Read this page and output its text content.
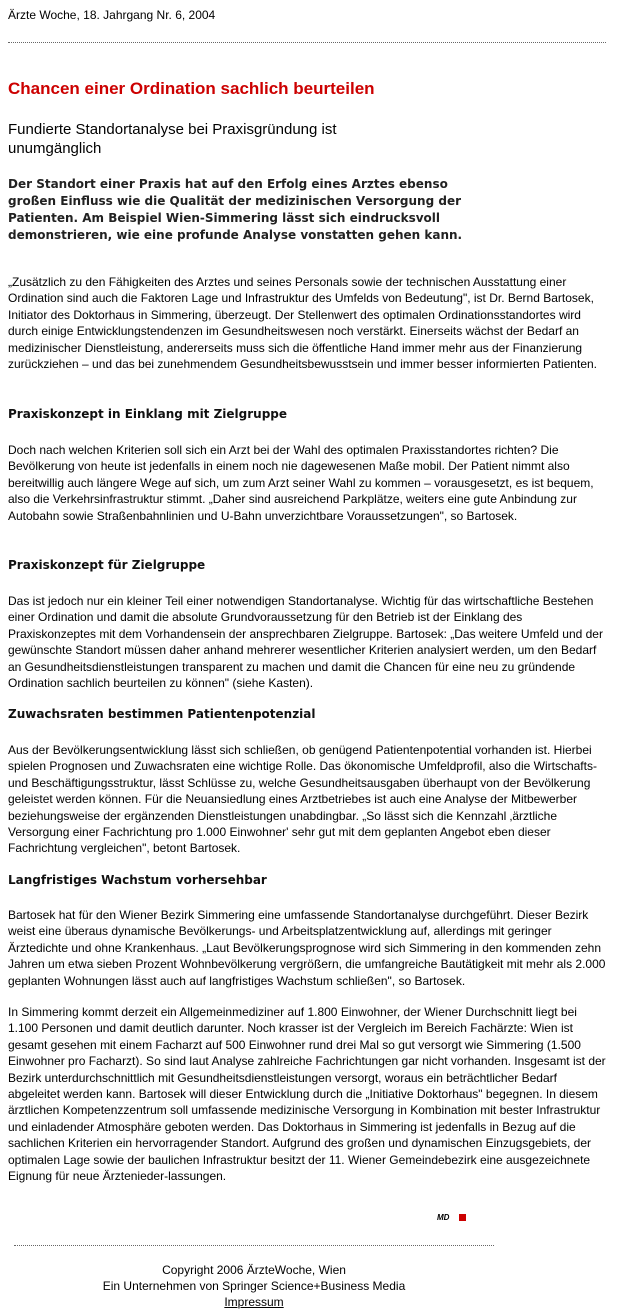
Ärzte Woche, 18. Jahrgang Nr. 6, 2004
Chancen einer Ordination sachlich beurteilen
Fundierte Standortanalyse bei Praxisgründung ist unumgänglich

Der Standort einer Praxis hat auf den Erfolg eines Arztes ebenso großen Einfluss wie die Qualität der medizinischen Versorgung der Patienten. Am Beispiel Wien-Simmering lässt sich eindrucksvoll demonstrieren, wie eine profunde Analyse vonstatten gehen kann.

„Zusätzlich zu den Fähigkeiten des Arztes und seines Personals sowie der technischen Ausstattung einer Ordination sind auch die Faktoren Lage und Infrastruktur des Umfelds von Bedeutung", ist Dr. Bernd Bartosek, Initiator des Doktorhaus in Simmering, überzeugt. Der Stellenwert des optimalen Ordinationsstandortes wird durch einige Entwicklungstendenzen im Gesundheitswesen noch verstärkt. Einerseits wächst der Bedarf an medizinischer Dienstleistung, andererseits muss sich die öffentliche Hand immer mehr aus der Finanzierung zurückziehen – und das bei zunehmendem Gesundheitsbewusstsein und immer besser informierten Patienten.

Praxiskonzept in Einklang mit Zielgruppe

Doch nach welchen Kriterien soll sich ein Arzt bei der Wahl des optimalen Praxisstandortes richten? Die Bevölkerung von heute ist jedenfalls in einem noch nie dagewesenen Maße mobil. Der Patient nimmt also bereitwillig auch längere Wege auf sich, um zum Arzt seiner Wahl zu kommen – vorausgesetzt, es ist bequem, also die Verkehrsinfrastruktur stimmt. „Daher sind ausreichend Parkplätze, weiters eine gute Anbindung zur Autobahn sowie Straßenbahnlinien und U-Bahn unverzichtbare Voraussetzungen", so Bartosek.

Praxiskonzept für Zielgruppe

Das ist jedoch nur ein kleiner Teil einer notwendigen Standortanalyse. Wichtig für das wirtschaftliche Bestehen einer Ordination und damit die absolute Grundvoraussetzung für den Betrieb ist der Einklang des Praxiskonzeptes mit dem Vorhandensein der ansprechbaren Zielgruppe. Bartosek: „Das weitere Umfeld und der gewünschte Standort müssen daher anhand mehrerer wesentlicher Kriterien analysiert werden, um den Bedarf an Gesundheitsdienstleistungen transparent zu machen und damit die Chancen für eine neu zu gründende Ordination sachlich beurteilen zu können" (siehe Kasten).

Zuwachsraten bestimmen Patientenpotenzial

Aus der Bevölkerungsentwicklung lässt sich schließen, ob genügend Patientenpotential vorhanden ist. Hierbei spielen Prognosen und Zuwachsraten eine wichtige Rolle. Das ökonomische Umfeldprofil, also die Wirtschafts- und Beschäftigungsstruktur, lässt Schlüsse zu, welche Gesundheitsausgaben überhaupt von der Bevölkerung geleistet werden können. Für die Neuansiedlung eines Arztbetriebes ist auch eine Analyse der Mitbewerber beziehungsweise der ergänzenden Dienstleistungen unabdingbar. „So lässt sich die Kennzahl ‚ärztliche Versorgung einer Fachrichtung pro 1.000 Einwohner' sehr gut mit dem geplanten Angebot eben dieser Fachrichtung vergleichen", betont Bartosek.

Langfristiges Wachstum vorhersehbar

Bartosek hat für den Wiener Bezirk Simmering eine umfassende Standortanalyse durchgeführt. Dieser Bezirk weist eine überaus dynamische Bevölkerungs- und Arbeitsplatzentwicklung auf, allerdings mit geringer Ärztedichte und ohne Krankenhaus. „Laut Bevölkerungsprognose wird sich Simmering in den kommenden zehn Jahren um etwa sieben Prozent Wohnbevölkerung vergrößern, die umfangreiche Bautätigkeit mit mehr als 2.000 geplanten Wohnungen lässt auch auf langfristiges Wachstum schließen", so Bartosek.

In Simmering kommt derzeit ein Allgemeinmediziner auf 1.800 Einwohner, der Wiener Durchschnitt liegt bei 1.100 Personen und damit deutlich darunter. Noch krasser ist der Vergleich im Bereich Fachärzte: Wien ist gesamt gesehen mit einem Facharzt auf 500 Einwohner rund drei Mal so gut versorgt wie Simmering (1.500 Einwohner pro Facharzt). So sind laut Analyse zahlreiche Fachrichtungen gar nicht vorhanden. Insgesamt ist der Bezirk unterdurchschnittlich mit Gesundheitsdienstleistungen versorgt, woraus ein beträchtlicher Bedarf abgeleitet werden kann. Bartosek will dieser Entwicklung durch die „Initiative Doktorhaus" begegnen. In diesem ärztlichen Kompetenzzentrum soll umfassende medizinische Versorgung in Kombination mit bester Infrastruktur und einladender Atmosphäre geboten werden. Das Doktorhaus in Simmering ist jedenfalls in Bezug auf die sachlichen Kriterien ein hervorragender Standort. Aufgrund des großen und dynamischen Einzugsgebiets, der optimalen Lage sowie der baulichen Infrastruktur besitzt der 11. Wiener Gemeindebezirk eine ausgezeichnete Eignung für neue Ärztenieder-lassungen.

MD
Copyright 2006 ÄrzteWoche, Wien
Ein Unternehmen von Springer Science+Business Media
Impressum
